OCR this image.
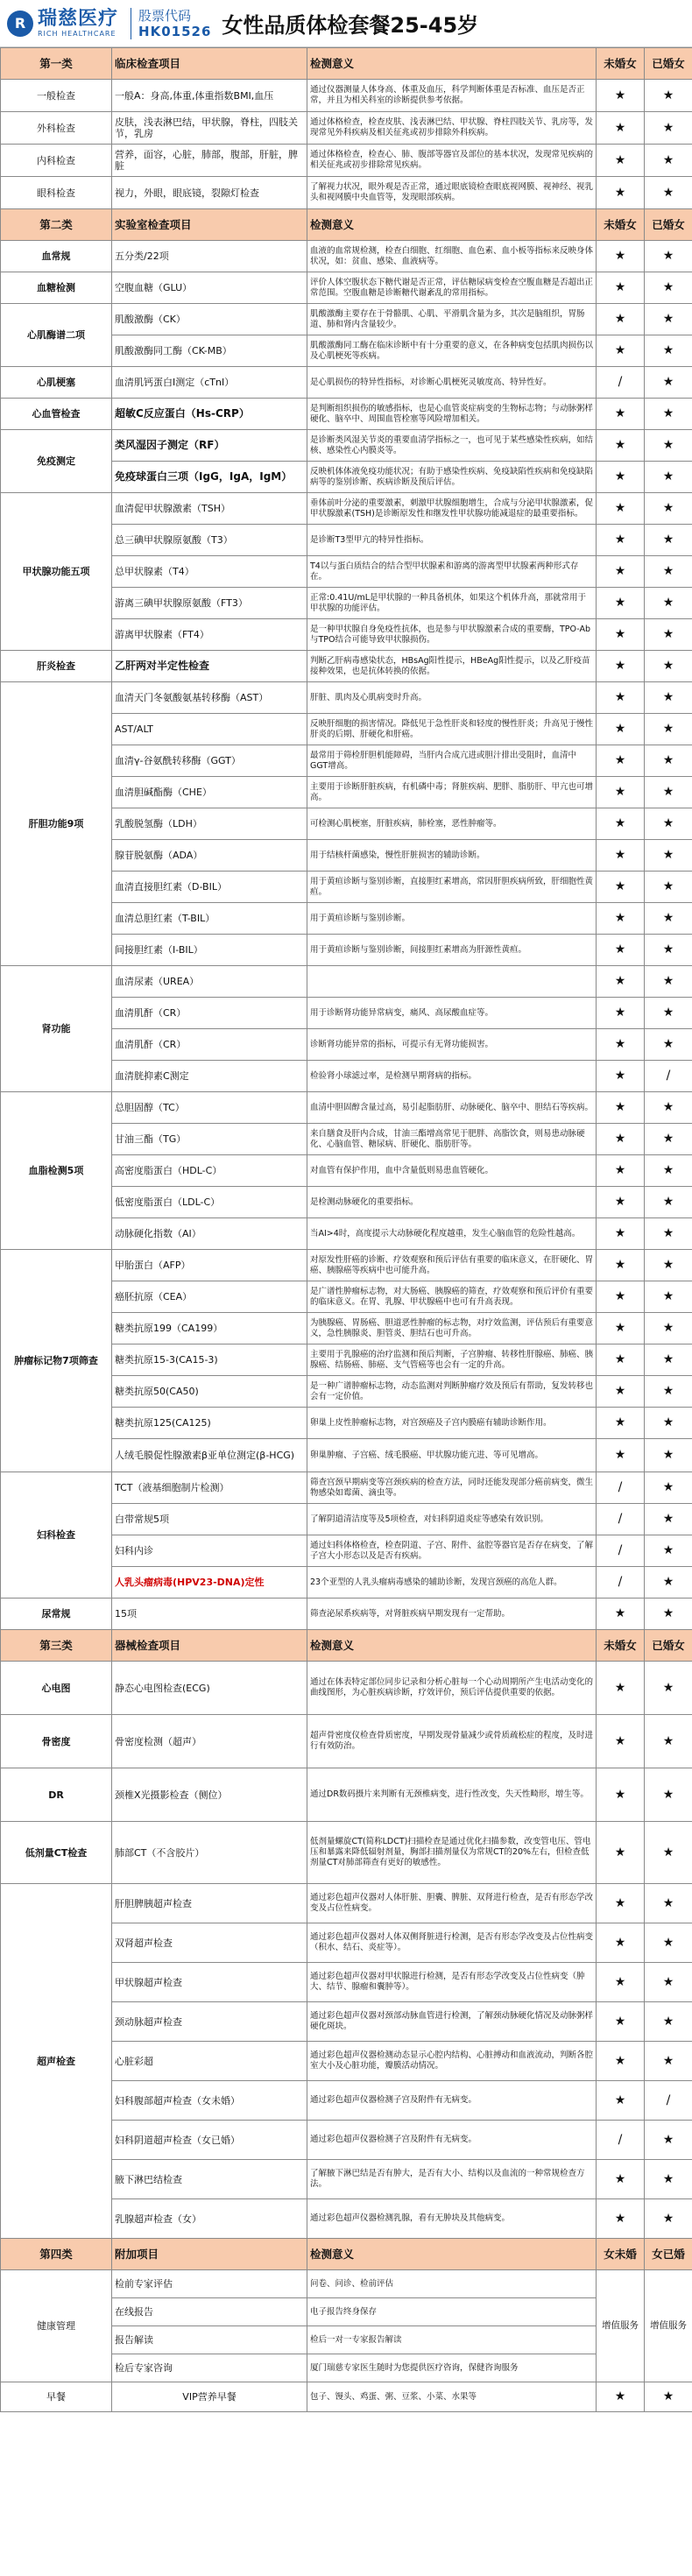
R 瑞慈医疗
RICH HEALTHCARE
股票代码
HK01526 女性品质体检套餐25-45岁
第一类	临床检查项目	检测意义	未婚女	已婚女
一般检查	一般A：身高,体重,体重指数BMI,血压	通过仪器测量人体身高、体重及血压，科学判断体重是否标准、血压是否正常，并且为相关科室的诊断提供参考依据。	★	★
外科检查	皮肤，浅表淋巴结，甲状腺，脊柱，四肢关节，乳房	通过体格检查，检查皮肤、浅表淋巴结、甲状腺、脊柱四肢关节、乳房等，发现常见外科疾病及相关征兆或初步排除外科疾病。	★	★
内科检查	营养，面容，心脏，肺部，腹部，肝脏，脾脏	通过体格检查，检查心、肺、腹部等器官及部位的基本状况，发现常见疾病的相关征兆或初步排除常见疾病。	★	★
眼科检查	视力，外眼，眼底镜，裂隙灯检查	了解视力状况，眼外观是否正常，通过眼底镜检查眼底视网膜、视神经、视乳头和视网膜中央血管等，发现眼部疾病。	★	★
第二类	实验室检查项目	检测意义	未婚女	已婚女
血常规	五分类/22项	血液的血常规检测，检查白细胞、红细胞、血色素、血小板等指标来反映身体状况，如：贫血、感染、血液病等。	★	★
血糖检测	空腹血糖（GLU）	评价人体空腹状态下糖代谢是否正常，评估糖尿病变检查空腹血糖是否超出正常范围。空腹血糖是诊断糖代谢紊乱的常用指标。	★	★
心肌酶谱二项	肌酸激酶（CK）	肌酸激酶主要存在于骨骼肌、心肌、平滑肌含量为多，其次是脑组织，胃肠道、肺和肾内含量较少。	★	★
	肌酸激酶同工酶（CK-MB）	肌酸激酶同工酶在临床诊断中有十分重要的意义，在各种病变包括肌肉损伤以及心肌梗死等疾病。	★	★
心肌梗塞	血清肌钙蛋白I测定（cTnI）	是心肌损伤的特异性指标，对诊断心肌梗死灵敏度高、特异性好。	/	★
心血管检查	超敏C反应蛋白（Hs-CRP）	是判断组织损伤的敏感指标，也是心血管炎症病变的生物标志物；与动脉粥样硬化、脑卒中、周围血管栓塞等风险增加相关。	★	★
免疫测定	类风湿因子测定（RF）	是诊断类风湿关节炎的重要血清学指标之一，也可见于某些感染性疾病，如结核、感染性心内膜炎等。	★	★
	免疫球蛋白三项（IgG，IgA，IgM）	反映机体体液免疫功能状况；有助于感染性疾病、免疫缺陷性疾病和免疫缺陷病等的鉴别诊断、疾病诊断及预后评估。	★	★
甲状腺功能五项	血清促甲状腺激素（TSH）	垂体前叶分泌的重要激素，刺激甲状腺细胞增生，合成与分泌甲状腺激素，促甲状腺激素(TSH)是诊断原发性和继发性甲状腺功能减退症的最重要指标。	★	★
	总三碘甲状腺原氨酸（T3）	是诊断T3型甲亢的特异性指标。	★	★
	总甲状腺素（T4）	T4以与蛋白质结合的结合型甲状腺素和游离的游离型甲状腺素两种形式存在。	★	★
	游离三碘甲状腺原氨酸（FT3）	正常:0.41U/mL是甲状腺的一种具备机体，如果这个机体升高，那就常用于甲状腺的功能评估。	★	★
	游离甲状腺素（FT4）	是一种甲状腺自身免疫性抗体，也是参与甲状腺激素合成的重要酶，TPO-Ab与TPO结合可能导致甲状腺损伤。	★	★
肝炎检查	乙肝两对半定性检查	判断乙肝病毒感染状态，HBsAg阳性提示，HBeAg阳性提示，以及乙肝疫苗接种效果，也是抗体转换的依据。	★	★
肝胆功能9项	血清天门冬氨酸氨基转移酶（AST）	肝脏、肌肉及心肌病变时升高。	★	★
	AST/ALT	反映肝细胞的损害情况。降低见于急性肝炎和轻度的慢性肝炎；升高见于慢性肝炎的后期、肝硬化和肝癌。	★	★
	血清γ-谷氨酰转移酶（GGT）	最常用于筛检肝胆机能障碍，当肝内合成亢进或胆汁排出受阻时，血清中GGT增高。	★	★
	血清胆碱酯酶（CHE）	主要用于诊断肝脏疾病，有机磷中毒；肾脏疾病、肥胖、脂肪肝、甲亢也可增高。	★	★
	乳酸脱氢酶（LDH）	可检测心肌梗塞，肝脏疾病，肺栓塞，恶性肿瘤等。	★	★
	腺苷脱氨酶（ADA）	用于结核杆菌感染，慢性肝脏损害的辅助诊断。	★	★
	血清直接胆红素（D-BIL）	用于黄疸诊断与鉴别诊断，直接胆红素增高，常因肝胆疾病所致，肝细胞性黄疸。	★	★
	血清总胆红素（T-BIL）	用于黄疸诊断与鉴别诊断。	★	★
	间接胆红素（I-BIL）	用于黄疸诊断与鉴别诊断，间接胆红素增高为肝源性黄疸。	★	★
肾功能	血清尿素（UREA）		★	★
	血清肌酐（CR）	用于诊断肾功能异常病变，痛风、高尿酸血症等。	★	★
	血清肌酐（CR）	诊断肾功能异常的指标，可提示有无肾功能损害。	★	★
	血清胱抑素C测定	检验肾小球滤过率，是检测早期肾病的指标。	★	/
血脂检测5项	总胆固醇（TC）	血清中胆固醇含量过高，易引起脂肪肝、动脉硬化、脑卒中、胆结石等疾病。	★	★
	甘油三酯（TG）	来自膳食及肝内合成，甘油三酯增高常见于肥胖、高脂饮食，则易患动脉硬化、心脑血管、糖尿病、肝硬化、脂肪肝等。	★	★
	高密度脂蛋白（HDL-C）	对血管有保护作用，血中含量低则易患血管硬化。	★	★
	低密度脂蛋白（LDL-C）	是检测动脉硬化的重要指标。	★	★
	动脉硬化指数（AI）	当AI>4时，高度提示大动脉硬化程度越重，发生心脑血管的危险性越高。	★	★
肿瘤标记物7项筛查	甲胎蛋白（AFP）	对原发性肝癌的诊断、疗效观察和预后评估有重要的临床意义，在肝硬化、胃癌、胰腺癌等疾病中也可能升高。	★	★
	癌胚抗原（CEA）	是广谱性肿瘤标志物，对大肠癌、胰腺癌的筛查，疗效观察和预后评价有重要的临床意义。在胃、乳腺、甲状腺癌中也可有升高表现。	★	★
	糖类抗原199（CA199）	为胰腺癌、胃肠癌、胆道恶性肿瘤的标志物，对疗效监测，评估预后有重要意义，急性胰腺炎、胆管炎、胆结石也可升高。	★	★
	糖类抗原15-3(CA15-3)	主要用于乳腺癌的治疗监测和预后判断，子宫肿瘤、转移性肝腺癌、肺癌、胰腺癌、结肠癌、肺癌、支气管癌等也会有一定的升高。	★	★
	糖类抗原50(CA50)	是一种广谱肿瘤标志物，动态监测对判断肿瘤疗效及预后有帮助，复发转移也会有一定价值。	★	★
	糖类抗原125(CA125)	卵巢上皮性肿瘤标志物，对宫颈癌及子宫内膜癌有辅助诊断作用。	★	★
	人绒毛膜促性腺激素β亚单位测定(β-HCG)	卵巢肿瘤、子宫癌、绒毛膜癌、甲状腺功能亢进、等可见增高。	★	★
妇科检查	TCT（液基细胞制片检测）	筛查宫颈早期病变等宫颈疾病的检查方法，同时还能发现部分癌前病变，微生物感染如霉菌、滴虫等。	/	★
	白带常规5项	了解阴道清洁度等及5项检查，对妇科阴道炎症等感染有效识别。	/	★
	妇科内诊	通过妇科体格检查，检查阴道、子宫、附件、盆腔等器官是否存在病变，了解子宫大小形态以及是否有疾病。	/	★
	人乳头瘤病毒(HPV23-DNA)定性	23个亚型的人乳头瘤病毒感染的辅助诊断，发现宫颈癌的高危人群。	/	★
尿常规	15项	筛查泌尿系疾病等，对肾脏疾病早期发现有一定帮助。	★	★
第三类	器械检查项目	检测意义	未婚女	已婚女
心电图	静态心电图检查(ECG)	通过在体表特定部位同步记录和分析心脏每一个心动周期所产生电活动变化的曲线图形，为心脏疾病诊断，疗效评价，预后评估提供重要的依据。	★	★
骨密度	骨密度检测（超声）	超声骨密度仪检查骨质密度，早期发现骨量减少或骨质疏松症的程度，及时进行有效防治。	★	★
DR	颈椎X光摄影检查（侧位）	通过DR数码摄片来判断有无颈椎病变，进行性改变，失天性畸形，增生等。	★	★
低剂量CT检查	肺部CT（不含胶片）	低剂量螺旋CT(简称LDCT)扫描检查是通过优化扫描参数，改变管电压、管电压和暴露来降低辐射剂量，胸部扫描剂量仅为常规CT的20%左右，但检查低剂量CT对肺部筛查有更好的敏感性。	★	★
超声检查	肝胆脾胰超声检查	通过彩色超声仪器对人体肝脏、胆囊、脾脏、双肾进行检查，是否有形态学改变及占位性病变。	★	★
	双肾超声检查	通过彩色超声仪器对人体双侧肾脏进行检测，是否有形态学改变及占位性病变（积水、结石、炎症等）。	★	★
	甲状腺超声检查	通过彩色超声仪器对甲状腺进行检测，是否有形态学改变及占位性病变（肿大、结节、腺瘤和囊肿等）。	★	★
	颈动脉超声检查	通过彩色超声仪器对颈部动脉血管进行检测，了解颈动脉硬化情况及动脉粥样硬化斑块。	★	★
	心脏彩超	通过彩色超声仪器检测动态显示心腔内结构、心脏搏动和血液流动，判断各腔室大小及心脏功能，瓣膜活动情况。	★	★
	妇科腹部超声检查（女未婚）	通过彩色超声仪器检测子宫及附件有无病变。	★	/
	妇科阴道超声检查（女已婚）	通过彩色超声仪器检测子宫及附件有无病变。	/	★
	腋下淋巴结检查	了解腋下淋巴结是否有肿大，是否有大小、结构以及血流的一种常规检查方法。	★	★
	乳腺超声检查（女）	通过彩色超声仪器检测乳腺，看有无肿块及其他病变。	★	★
第四类	附加项目	检测意义	女未婚	女已婚
健康管理	检前专家评估	问卷、问诊、检前评估	增值服务	增值服务
	在线报告	电子报告终身保存		
	报告解读	检后一对一专家报告解读		
	检后专家咨询	厦门瑞慈专家医生随时为您提供医疗咨询，保健咨询服务		
早餐	VIP营养早餐	包子、馒头、鸡蛋、粥、豆浆、小菜、水果等	★	★
